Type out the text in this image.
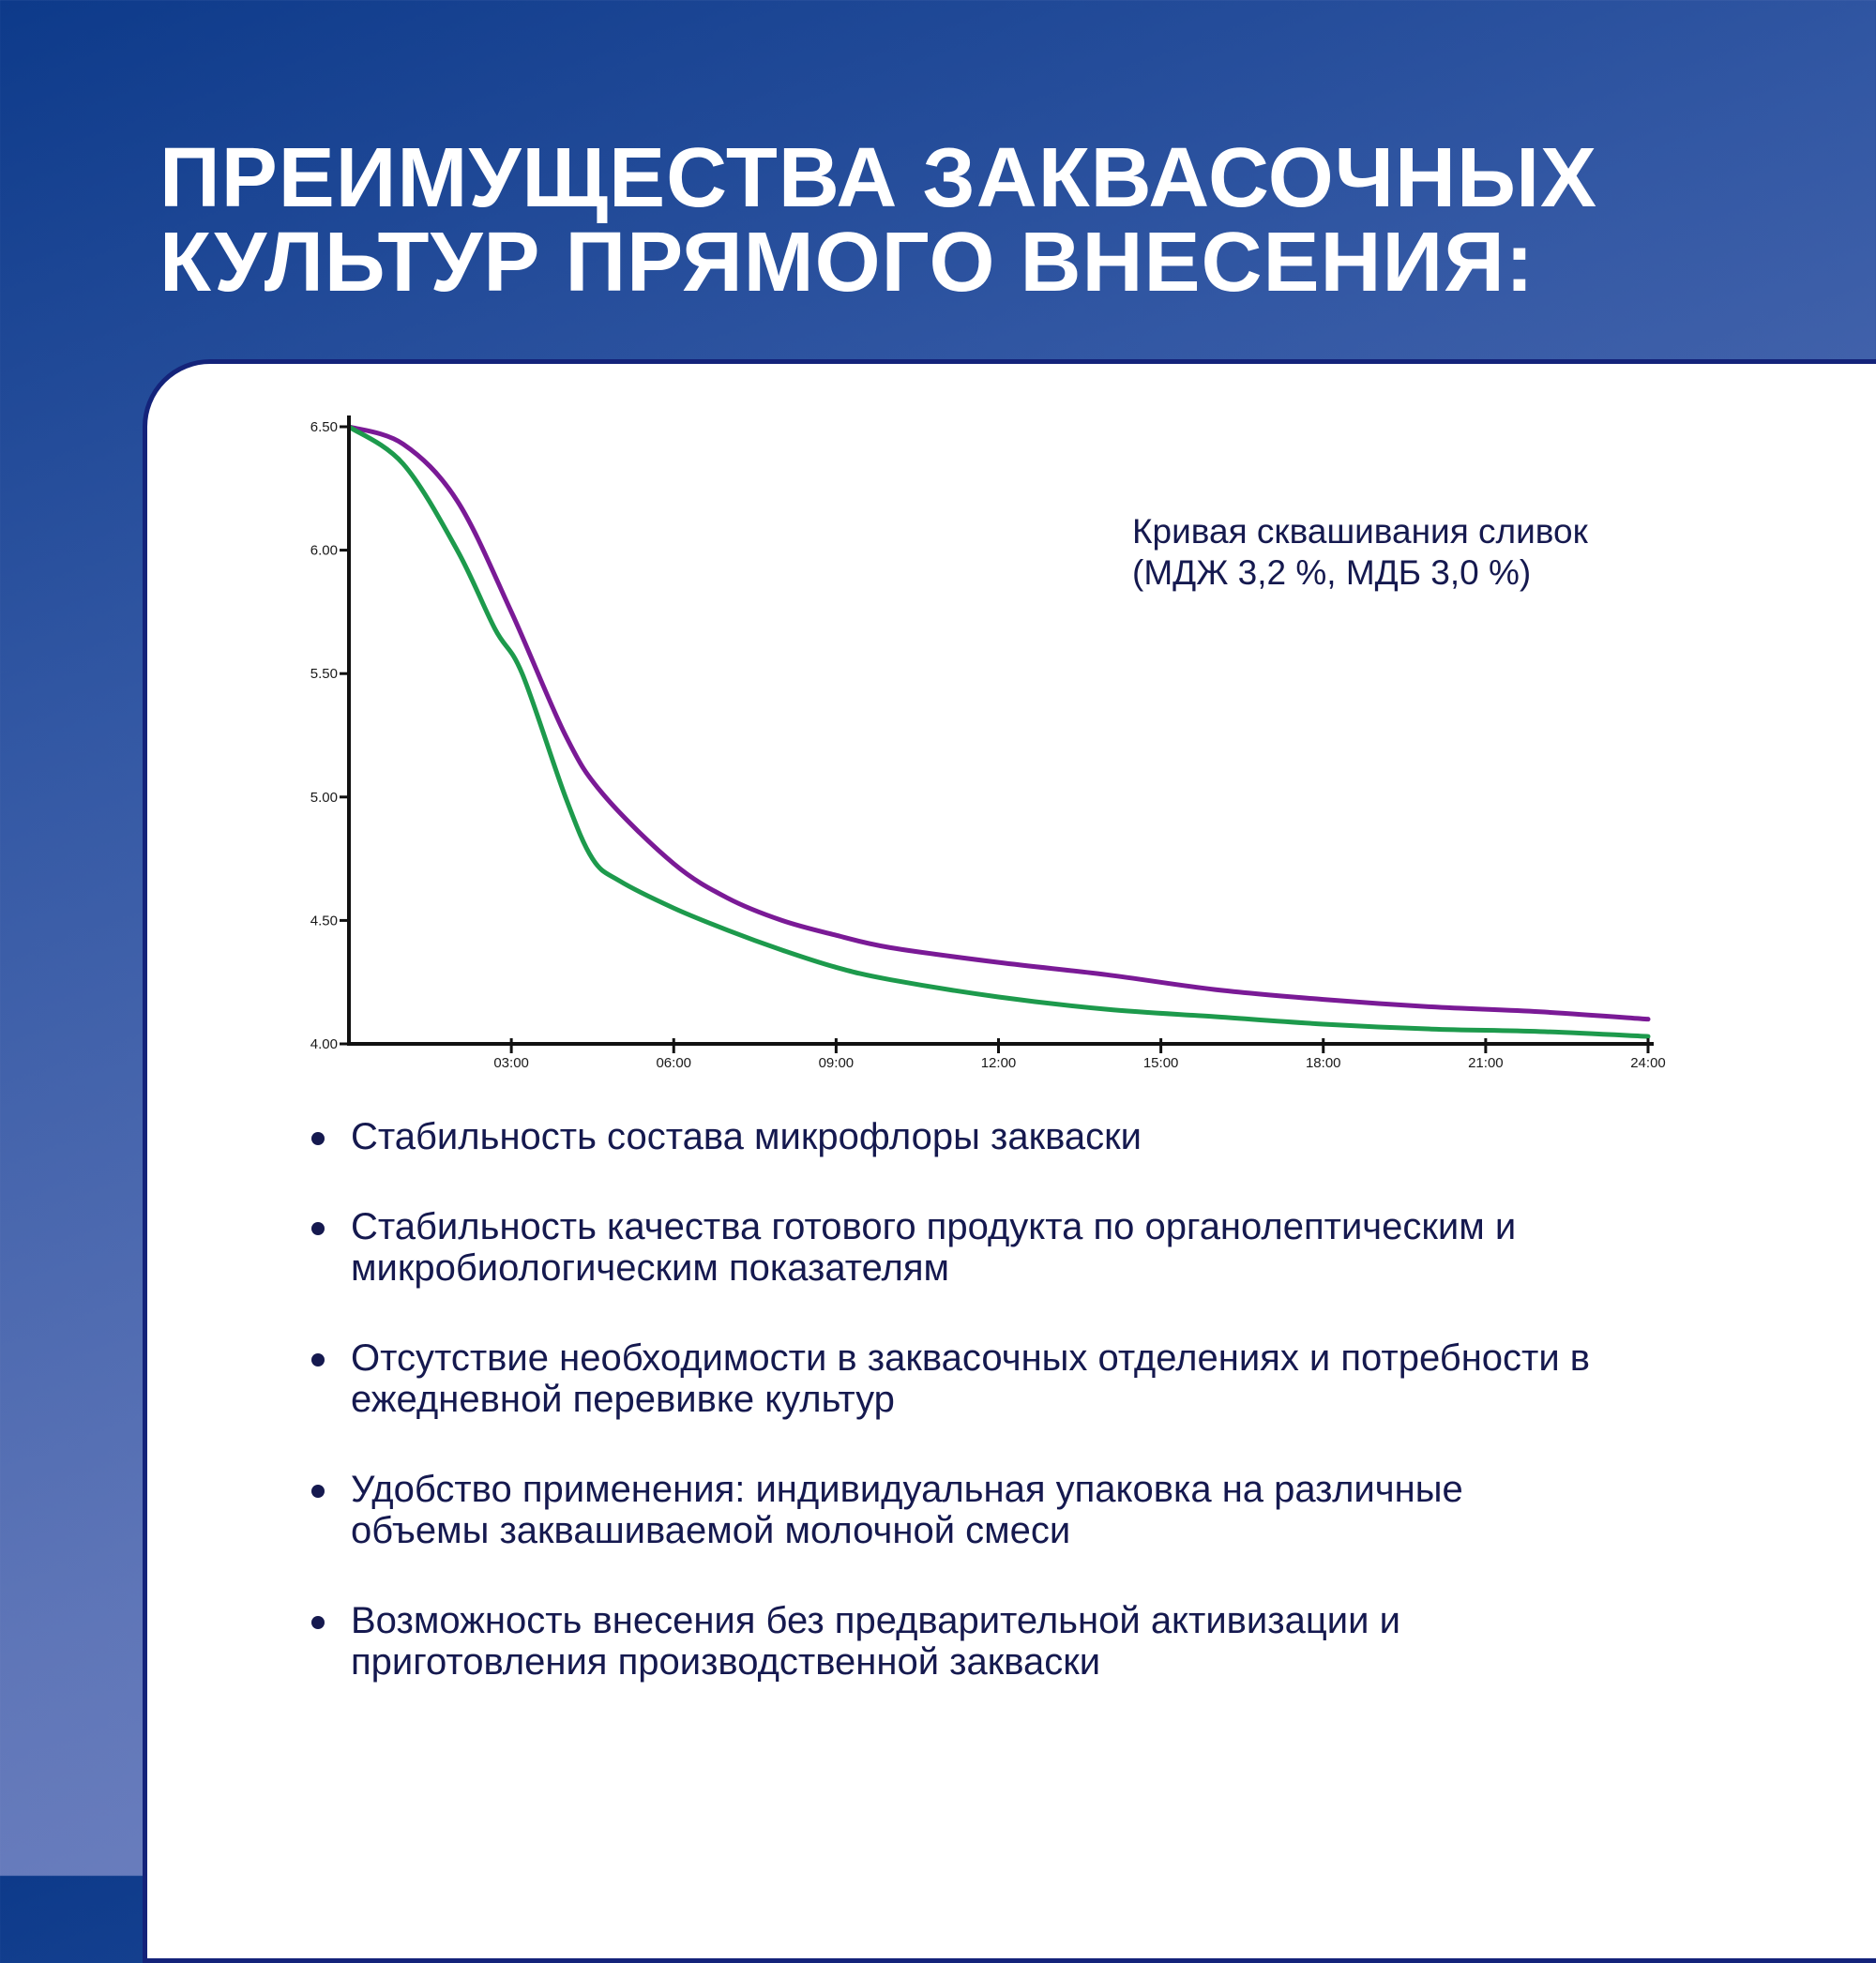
ПРЕИМУЩЕСТВА ЗАКВАСОЧНЫХ
КУЛЬТУР ПРЯМОГО ВНЕСЕНИЯ:
4.00
4.50
5.00
5.50
6.00
6.50
03:00	06:00	09:00	12:00	15:00	18:00	21:00	24:00

Кривая сквашивания сливок
(МДЖ 3,2 %, МДБ 3,0 %)

Стабильность состава микрофлоры закваски
Стабильность качества готового продукта по органолептическим и
микробиологическим показателям
Отсутствие необходимости в заквасочных отделениях и потребности в
ежедневной перевивке культур
Удобство применения: индивидуальная упаковка на различные
объемы заквашиваемой молочной смеси
Возможность внесения без предварительной активизации и
приготовления производственной закваски
